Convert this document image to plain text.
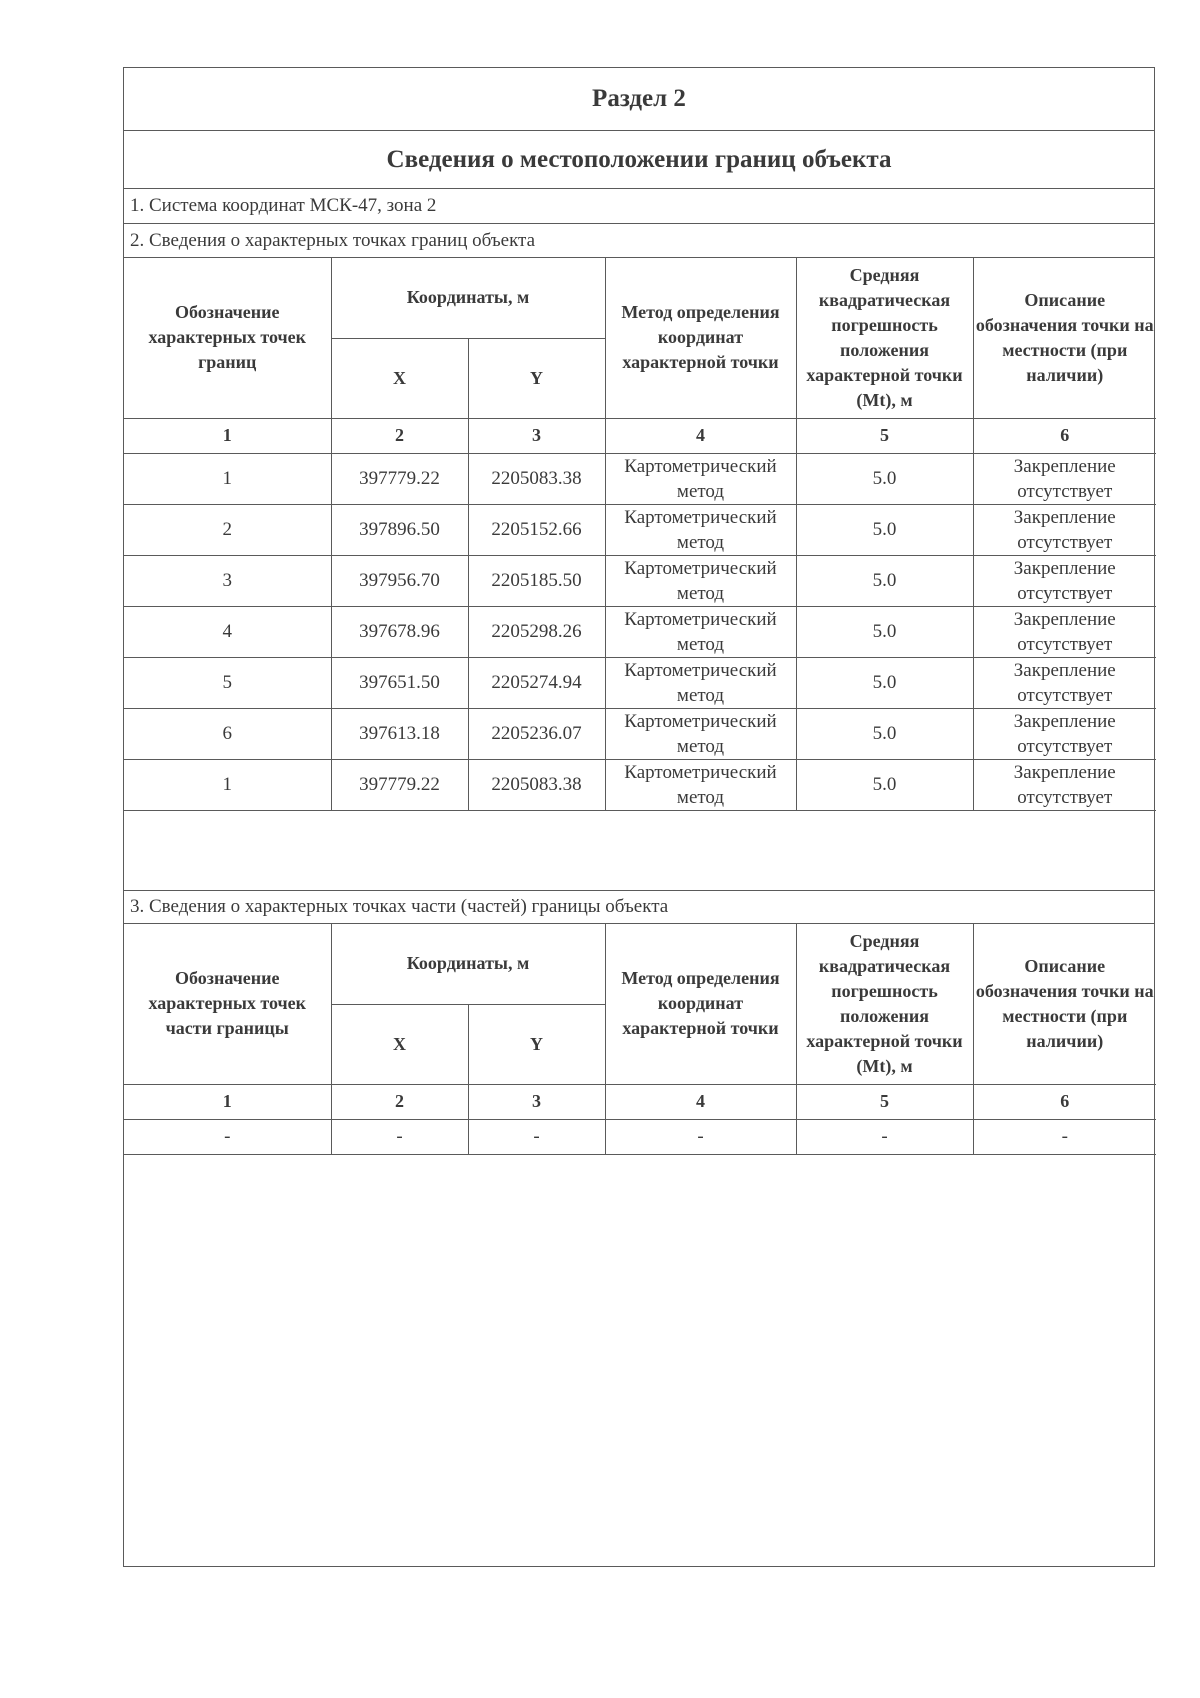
Раздел 2
Сведения о местоположении границ объекта
1. Система координат МСК-47, зона 2
2. Сведения о характерных точках границ объекта
Обозначение характерных точек границ	Координаты, м		Метод определения координат характерной точки	Средняя квадратическая погрешность положения характерной точки (Mt), м	Описание обозначения точки на местности (при наличии)
	X	Y			
1	2	3	4	5	6
1	397779.22	2205083.38	Картометрический метод	5.0	Закрепление отсутствует
2	397896.50	2205152.66	Картометрический метод	5.0	Закрепление отсутствует
3	397956.70	2205185.50	Картометрический метод	5.0	Закрепление отсутствует
4	397678.96	2205298.26	Картометрический метод	5.0	Закрепление отсутствует
5	397651.50	2205274.94	Картометрический метод	5.0	Закрепление отсутствует
6	397613.18	2205236.07	Картометрический метод	5.0	Закрепление отсутствует
1	397779.22	2205083.38	Картометрический метод	5.0	Закрепление отсутствует
3. Сведения о характерных точках части (частей) границы объекта
Обозначение характерных точек части границы	Координаты, м		Метод определения координат характерной точки	Средняя квадратическая погрешность положения характерной точки (Mt), м	Описание обозначения точки на местности (при наличии)
	X	Y			
1	2	3	4	5	6
-	-	-	-	-	-
